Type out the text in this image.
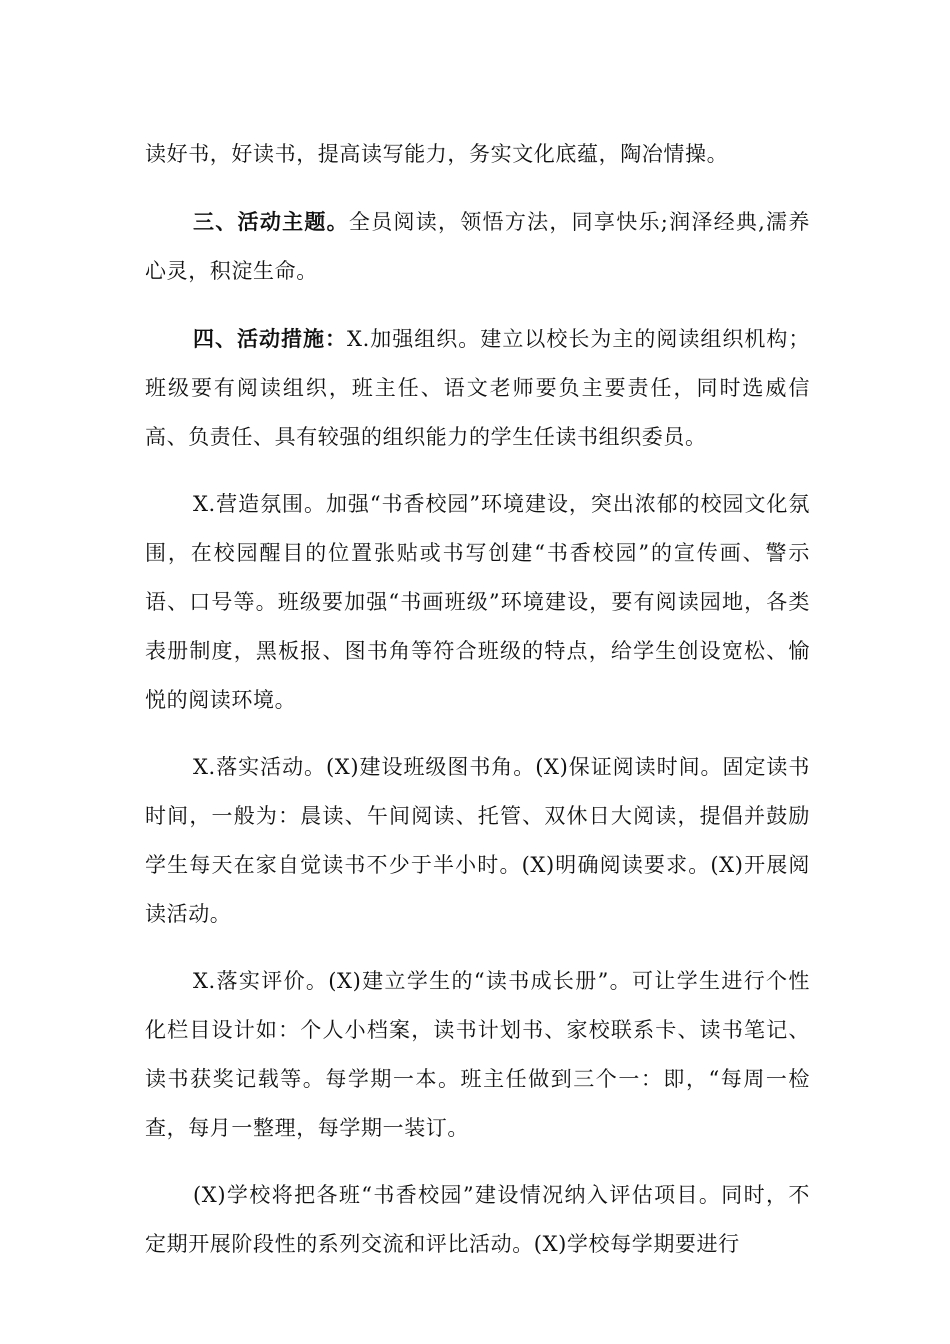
读好书，好读书，提高读写能力，务实文化底蕴，陶冶情操。

三、活动主题。全员阅读，领悟方法，同享快乐;润泽经典,濡养心灵，积淀生命。

四、活动措施：X.加强组织。建立以校长为主的阅读组织机构；班级要有阅读组织，班主任、语文老师要负主要责任，同时选威信高、负责任、具有较强的组织能力的学生任读书组织委员。

X.营造氛围。加强“书香校园”环境建设，突出浓郁的校园文化氛围，在校园醒目的位置张贴或书写创建“书香校园”的宣传画、警示语、口号等。班级要加强“书画班级”环境建设，要有阅读园地，各类表册制度，黑板报、图书角等符合班级的特点，给学生创设宽松、愉悦的阅读环境。

X.落实活动。(X)建设班级图书角。(X)保证阅读时间。固定读书时间，一般为：晨读、午间阅读、托管、双休日大阅读，提倡并鼓励学生每天在家自觉读书不少于半小时。(X)明确阅读要求。(X)开展阅读活动。

X.落实评价。(X)建立学生的“读书成长册”。可让学生进行个性化栏目设计如：个人小档案，读书计划书、家校联系卡、读书笔记、读书获奖记载等。每学期一本。班主任做到三个一：即，“每周一检查，每月一整理，每学期一装订。

(X)学校将把各班“书香校园”建设情况纳入评估项目。同时，不定期开展阶段性的系列交流和评比活动。(X)学校每学期要进行
